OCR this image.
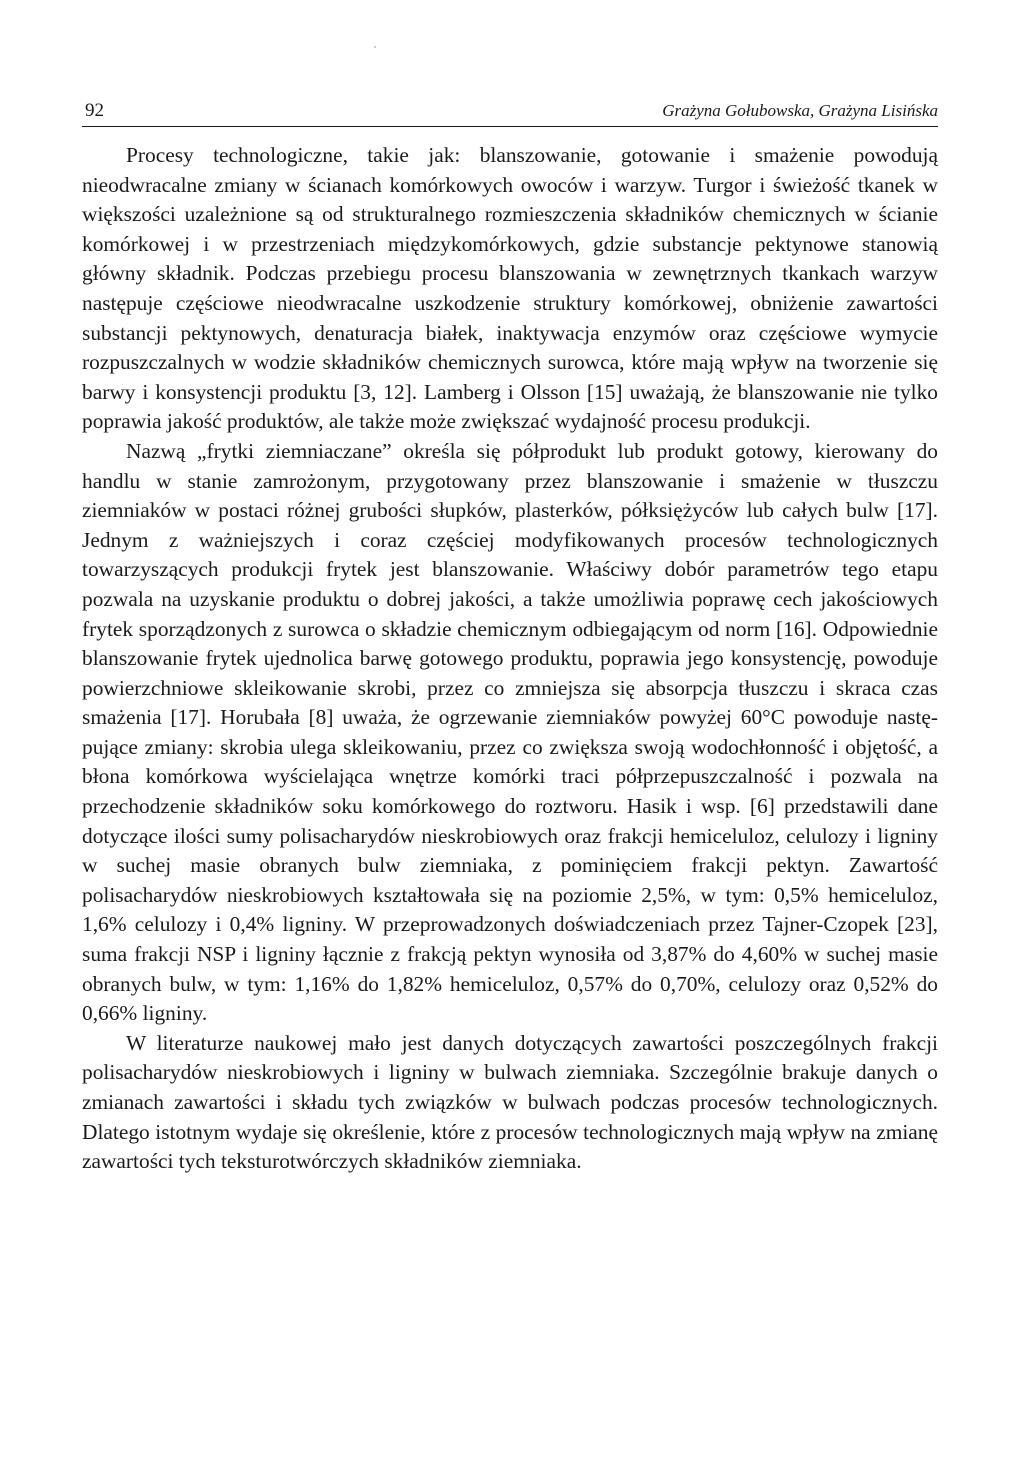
92	Grażyna Gołubowska, Grażyna Lisińska

Procesy technologiczne, takie jak: blanszowanie, gotowanie i smażenie powodują nieodwracalne zmiany w ścianach komórkowych owoców i warzyw. Turgor i świeżość tkanek w większości uzależnione są od strukturalnego rozmieszczenia składników chemicznych w ścianie komórkowej i w przestrzeniach międzykomórkowych, gdzie substancje pektynowe stanowią główny składnik. Podczas przebiegu procesu blanszowania w zewnętrznych tkankach warzyw następuje częściowe nieodwracalne uszkodzenie struktury komórkowej, obniżenie zawartości substancji pektynowych, denaturacja białek, inaktywacja enzymów oraz częściowe wymycie rozpuszczalnych w wodzie składników chemicznych surowca, które mają wpływ na tworzenie się barwy i konsystencji produktu [3, 12]. Lamberg i Olsson [15] uważają, że blanszowanie nie tylko poprawia jakość produktów, ale także może zwiększać wydajność procesu produkcji.

Nazwą „frytki ziemniaczane” określa się półprodukt lub produkt gotowy, kierowany do handlu w stanie zamrożonym, przygotowany przez blanszowanie i smażenie w tłuszczu ziemniaków w postaci różnej grubości słupków, plasterków, półksiężyców lub całych bulw [17]. Jednym z ważniejszych i coraz częściej modyfikowanych procesów technologicznych towarzyszących produkcji frytek jest blanszowanie. Właściwy dobór parametrów tego etapu pozwala na uzyskanie produktu o dobrej jakości, a także umożliwia poprawę cech jakościowych frytek sporządzonych z surowca o składzie chemicznym odbiegającym od norm [16]. Odpowiednie blanszowanie frytek ujednolica barwę gotowego produktu, poprawia jego konsystencję, powoduje powierzchniowe skleikowanie skrobi, przez co zmniejsza się absorpcja tłuszczu i skraca czas smażenia [17]. Horubała [8] uważa, że ogrzewanie ziemniaków powyżej 60°C powoduje następujące zmiany: skrobia ulega skleikowaniu, przez co zwiększa swoją wodochłonność i objętość, a błona komórkowa wyścielająca wnętrze komórki traci półprzepuszczalność i pozwala na przechodzenie składników soku komórkowego do roztworu. Hasik i wsp. [6] przedstawili dane dotyczące ilości sumy polisacharydów nieskrobiowych oraz frakcji hemiceluloz, celulozy i ligniny w suchej masie obranych bulw ziemniaka, z pominięciem frakcji pektyn. Zawartość polisacharydów nieskrobiowych kształtowała się na poziomie 2,5%, w tym: 0,5% hemiceluloz, 1,6% celulozy i 0,4% ligniny. W przeprowadzonych doświadczeniach przez Tajner-Czopek [23], suma frakcji NSP i ligniny łącznie z frakcją pektyn wynosiła od 3,87% do 4,60% w suchej masie obranych bulw, w tym: 1,16% do 1,82% hemiceluloz, 0,57% do 0,70%, celulozy oraz 0,52% do 0,66% ligniny.

W literaturze naukowej mało jest danych dotyczących zawartości poszczególnych frakcji polisacharydów nieskrobiowych i ligniny w bulwach ziemniaka. Szczególnie brakuje danych o zmianach zawartości i składu tych związków w bulwach podczas procesów technologicznych. Dlatego istotnym wydaje się określenie, które z procesów technologicznych mają wpływ na zmianę zawartości tych teksturotwórczych składników ziemniaka.
